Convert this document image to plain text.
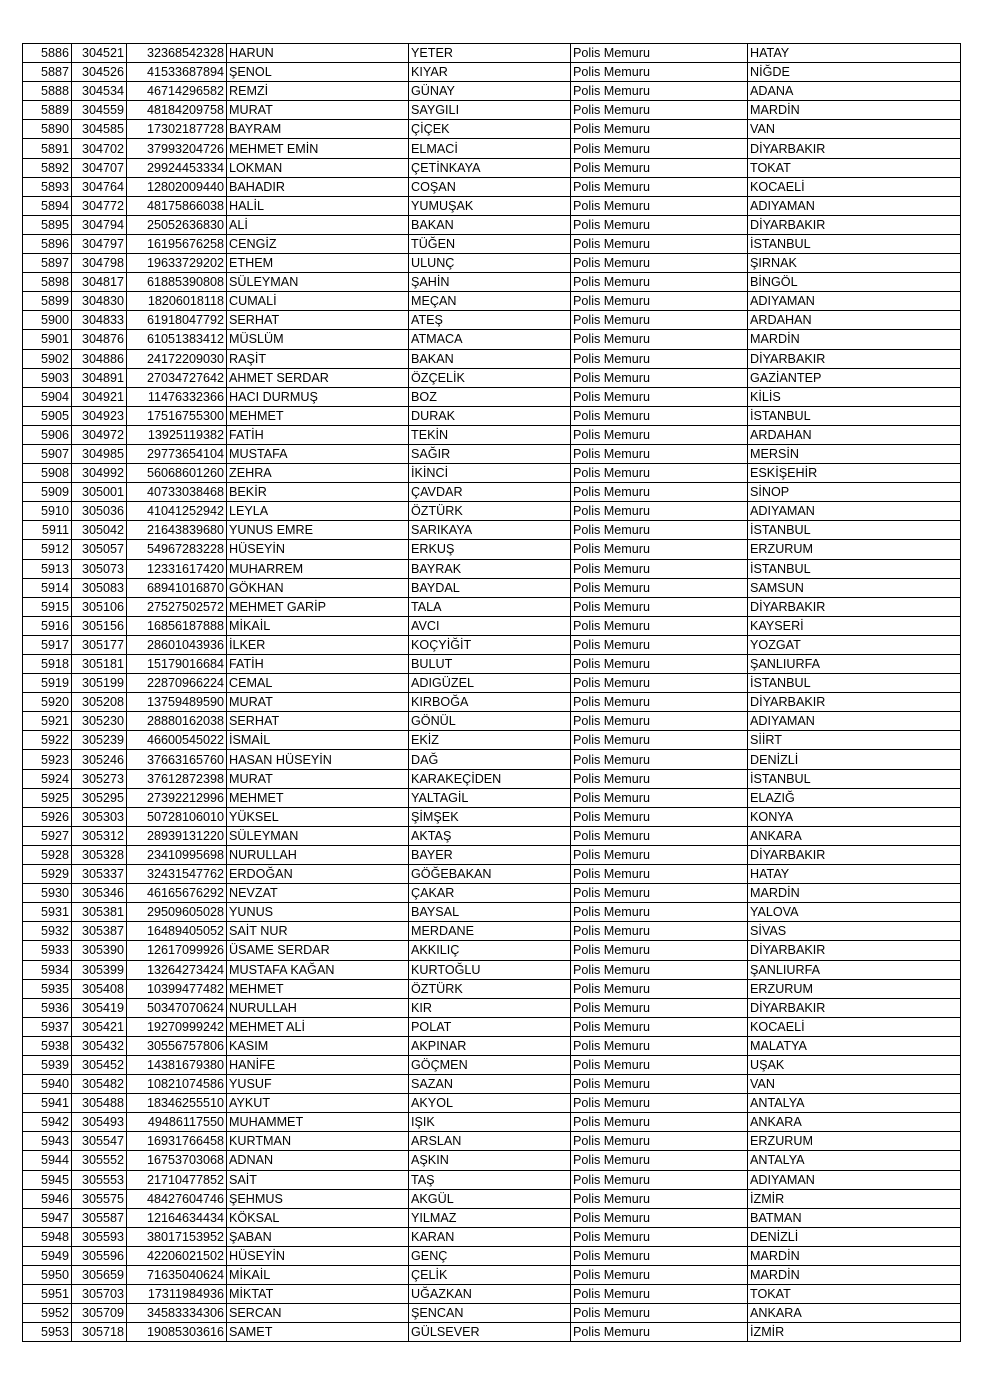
5886	304521	32368542328	HARUN	YETER	Polis Memuru	HATAY
5887	304526	41533687894	ŞENOL	KIYAR	Polis Memuru	NİĞDE
5888	304534	46714296582	REMZİ	GÜNAY	Polis Memuru	ADANA
5889	304559	48184209758	MURAT	SAYGILI	Polis Memuru	MARDİN
5890	304585	17302187728	BAYRAM	ÇİÇEK	Polis Memuru	VAN
5891	304702	37993204726	MEHMET EMİN	ELMACİ	Polis Memuru	DİYARBAKIR
5892	304707	29924453334	LOKMAN	ÇETİNKAYA	Polis Memuru	TOKAT
5893	304764	12802009440	BAHADIR	COŞAN	Polis Memuru	KOCAELİ
5894	304772	48175866038	HALİL	YUMUŞAK	Polis Memuru	ADIYAMAN
5895	304794	25052636830	ALİ	BAKAN	Polis Memuru	DİYARBAKIR
5896	304797	16195676258	CENGİZ	TÜĞEN	Polis Memuru	İSTANBUL
5897	304798	19633729202	ETHEM	ULUNÇ	Polis Memuru	ŞIRNAK
5898	304817	61885390808	SÜLEYMAN	ŞAHİN	Polis Memuru	BİNGÖL
5899	304830	18206018118	CUMALİ	MEÇAN	Polis Memuru	ADIYAMAN
5900	304833	61918047792	SERHAT	ATEŞ	Polis Memuru	ARDAHAN
5901	304876	61051383412	MÜSLÜM	ATMACA	Polis Memuru	MARDİN
5902	304886	24172209030	RAŞİT	BAKAN	Polis Memuru	DİYARBAKIR
5903	304891	27034727642	AHMET SERDAR	ÖZÇELİK	Polis Memuru	GAZİANTEP
5904	304921	11476332366	HACI DURMUŞ	BOZ	Polis Memuru	KİLİS
5905	304923	17516755300	MEHMET	DURAK	Polis Memuru	İSTANBUL
5906	304972	13925119382	FATİH	TEKİN	Polis Memuru	ARDAHAN
5907	304985	29773654104	MUSTAFA	SAĞIR	Polis Memuru	MERSİN
5908	304992	56068601260	ZEHRA	İKİNCİ	Polis Memuru	ESKİŞEHİR
5909	305001	40733038468	BEKİR	ÇAVDAR	Polis Memuru	SİNOP
5910	305036	41041252942	LEYLA	ÖZTÜRK	Polis Memuru	ADIYAMAN
5911	305042	21643839680	YUNUS EMRE	SARIKAYA	Polis Memuru	İSTANBUL
5912	305057	54967283228	HÜSEYİN	ERKUŞ	Polis Memuru	ERZURUM
5913	305073	12331617420	MUHARREM	BAYRAK	Polis Memuru	İSTANBUL
5914	305083	68941016870	GÖKHAN	BAYDAL	Polis Memuru	SAMSUN
5915	305106	27527502572	MEHMET GARİP	TALA	Polis Memuru	DİYARBAKIR
5916	305156	16856187888	MİKAİL	AVCI	Polis Memuru	KAYSERİ
5917	305177	28601043936	İLKER	KOÇYİĞİT	Polis Memuru	YOZGAT
5918	305181	15179016684	FATİH	BULUT	Polis Memuru	ŞANLIURFA
5919	305199	22870966224	CEMAL	ADIGÜZEL	Polis Memuru	İSTANBUL
5920	305208	13759489590	MURAT	KIRBOĞA	Polis Memuru	DİYARBAKIR
5921	305230	28880162038	SERHAT	GÖNÜL	Polis Memuru	ADIYAMAN
5922	305239	46600545022	İSMAİL	EKİZ	Polis Memuru	SİİRT
5923	305246	37663165760	HASAN HÜSEYİN	DAĞ	Polis Memuru	DENİZLİ
5924	305273	37612872398	MURAT	KARAKEÇİDEN	Polis Memuru	İSTANBUL
5925	305295	27392212996	MEHMET	YALTAGİL	Polis Memuru	ELAZIĞ
5926	305303	50728106010	YÜKSEL	ŞİMŞEK	Polis Memuru	KONYA
5927	305312	28939131220	SÜLEYMAN	AKTAŞ	Polis Memuru	ANKARA
5928	305328	23410995698	NURULLAH	BAYER	Polis Memuru	DİYARBAKIR
5929	305337	32431547762	ERDOĞAN	GÖĞEBAKAN	Polis Memuru	HATAY
5930	305346	46165676292	NEVZAT	ÇAKAR	Polis Memuru	MARDİN
5931	305381	29509605028	YUNUS	BAYSAL	Polis Memuru	YALOVA
5932	305387	16489405052	SAİT NUR	MERDANE	Polis Memuru	SİVAS
5933	305390	12617099926	ÜSAME SERDAR	AKKILIÇ	Polis Memuru	DİYARBAKIR
5934	305399	13264273424	MUSTAFA KAĞAN	KURTOĞLU	Polis Memuru	ŞANLIURFA
5935	305408	10399477482	MEHMET	ÖZTÜRK	Polis Memuru	ERZURUM
5936	305419	50347070624	NURULLAH	KIR	Polis Memuru	DİYARBAKIR
5937	305421	19270999242	MEHMET ALİ	POLAT	Polis Memuru	KOCAELİ
5938	305432	30556757806	KASIM	AKPINAR	Polis Memuru	MALATYA
5939	305452	14381679380	HANİFE	GÖÇMEN	Polis Memuru	UŞAK
5940	305482	10821074586	YUSUF	SAZAN	Polis Memuru	VAN
5941	305488	18346255510	AYKUT	AKYOL	Polis Memuru	ANTALYA
5942	305493	49486117550	MUHAMMET	IŞIK	Polis Memuru	ANKARA
5943	305547	16931766458	KURTMAN	ARSLAN	Polis Memuru	ERZURUM
5944	305552	16753703068	ADNAN	AŞKIN	Polis Memuru	ANTALYA
5945	305553	21710477852	SAİT	TAŞ	Polis Memuru	ADIYAMAN
5946	305575	48427604746	ŞEHMUS	AKGÜL	Polis Memuru	İZMİR
5947	305587	12164634434	KÖKSAL	YILMAZ	Polis Memuru	BATMAN
5948	305593	38017153952	ŞABAN	KARAN	Polis Memuru	DENİZLİ
5949	305596	42206021502	HÜSEYİN	GENÇ	Polis Memuru	MARDİN
5950	305659	71635040624	MİKAİL	ÇELİK	Polis Memuru	MARDİN
5951	305703	17311984936	MİKTAT	UĞAZKAN	Polis Memuru	TOKAT
5952	305709	34583334306	SERCAN	ŞENCAN	Polis Memuru	ANKARA
5953	305718	19085303616	SAMET	GÜLSEVER	Polis Memuru	İZMİR
